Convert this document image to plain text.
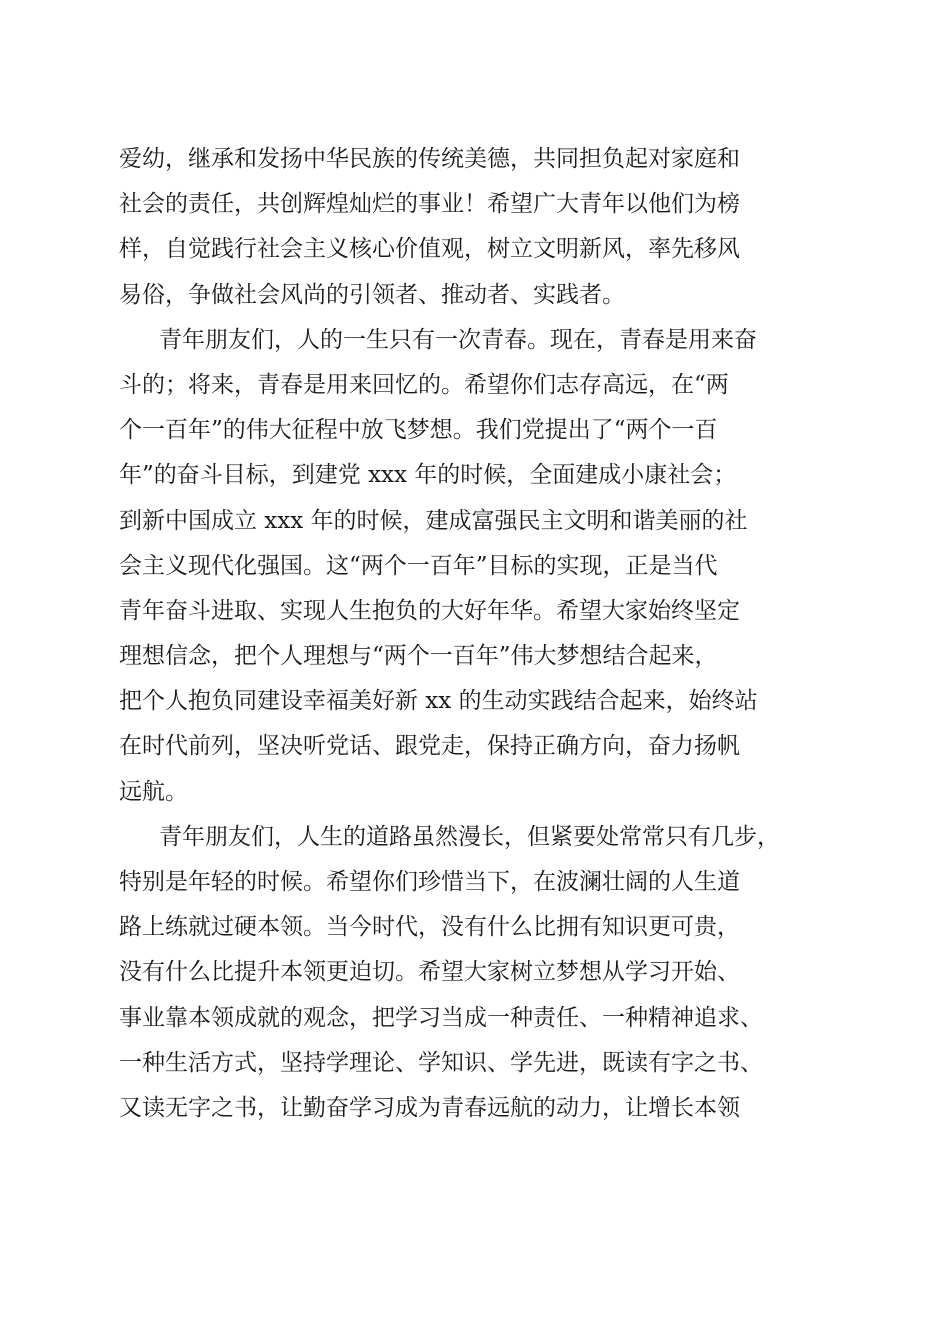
爱幼，继承和发扬中华民族的传统美德，共同担负起对家庭和
社会的责任，共创辉煌灿烂的事业！希望广大青年以他们为榜
样，自觉践行社会主义核心价值观，树立文明新风，率先移风
易俗，争做社会风尚的引领者、推动者、实践者。
青年朋友们，人的一生只有一次青春。现在，青春是用来奋
斗的；将来，青春是用来回忆的。希望你们志存高远，在“两
个一百年”的伟大征程中放飞梦想。我们党提出了“两个一百
年”的奋斗目标，到建党 xxx 年的时候，全面建成小康社会；
到新中国成立 xxx 年的时候，建成富强民主文明和谐美丽的社
会主义现代化强国。这“两个一百年”目标的实现，正是当代
青年奋斗进取、实现人生抱负的大好年华。希望大家始终坚定
理想信念，把个人理想与“两个一百年”伟大梦想结合起来，
把个人抱负同建设幸福美好新 xx 的生动实践结合起来，始终站
在时代前列，坚决听党话、跟党走，保持正确方向，奋力扬帆
远航。
青年朋友们，人生的道路虽然漫长，但紧要处常常只有几步，
特别是年轻的时候。希望你们珍惜当下，在波澜壮阔的人生道
路上练就过硬本领。当今时代，没有什么比拥有知识更可贵，
没有什么比提升本领更迫切。希望大家树立梦想从学习开始、
事业靠本领成就的观念，把学习当成一种责任、一种精神追求、
一种生活方式，坚持学理论、学知识、学先进，既读有字之书、
又读无字之书，让勤奋学习成为青春远航的动力，让增长本领
